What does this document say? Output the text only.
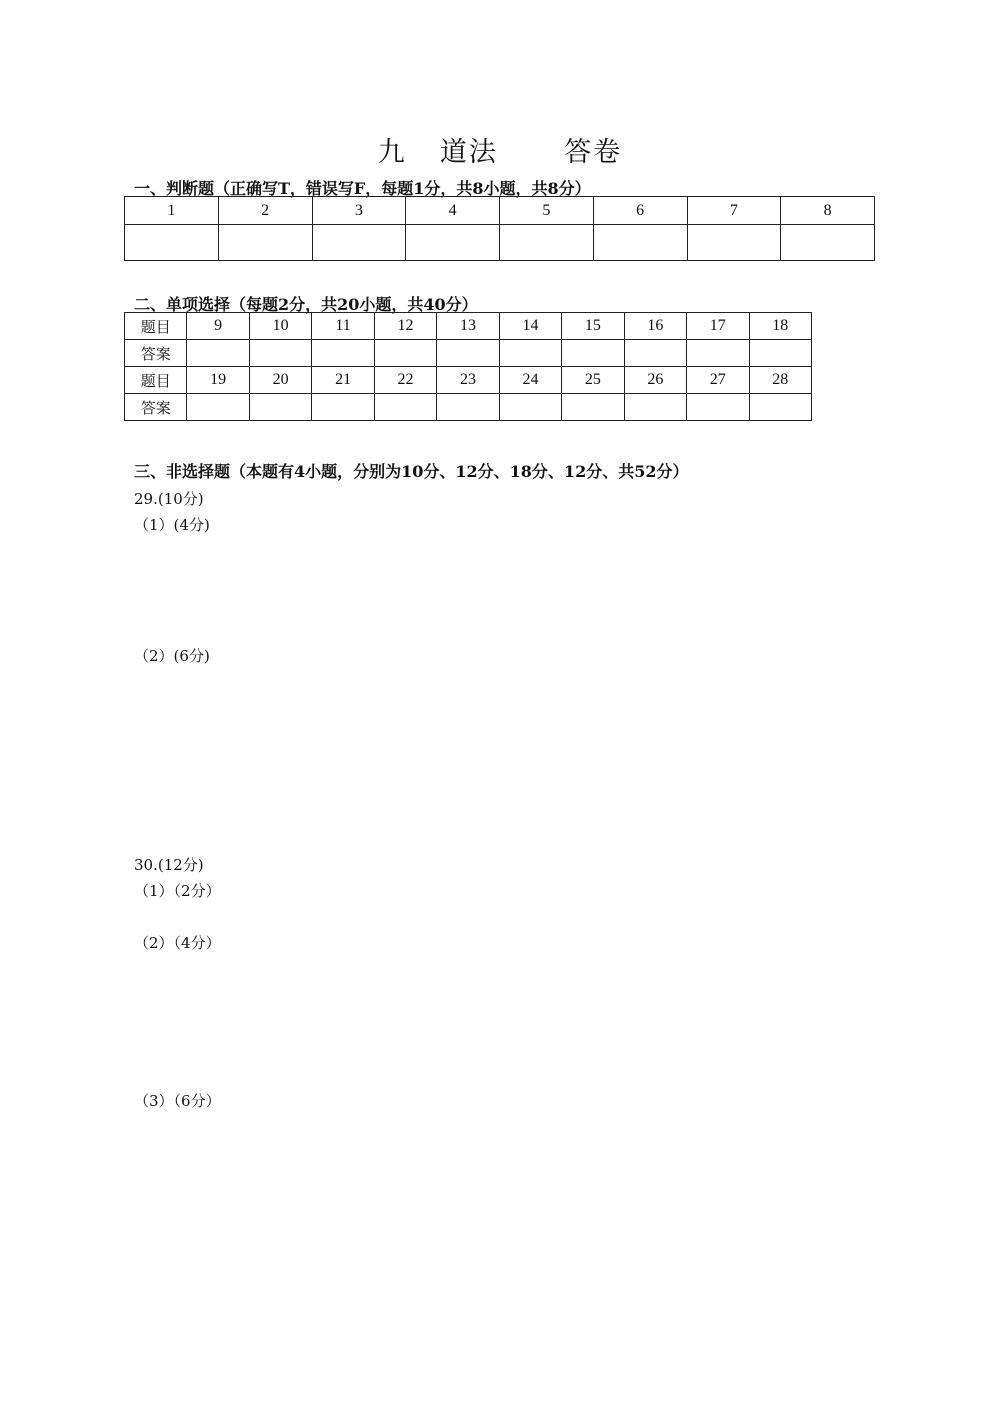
九  道法    答卷
一、判断题（正确写T，错误写F，每题1分，共8小题，共8分）
1	2	3	4	5	6	7	8

二、单项选择（每题2分，共20小题，共40分）
题目	9	10	11	12	13	14	15	16	17	18
答案										
题目	19	20	21	22	23	24	25	26	27	28
答案										
三、非选择题（本题有4小题，分别为10分、12分、18分、12分、共52分）
29.(10分)
（1）(4分)
（2）(6分)
30.(12分)
（1）（2分）
（2）（4分）
（3）（6分）
